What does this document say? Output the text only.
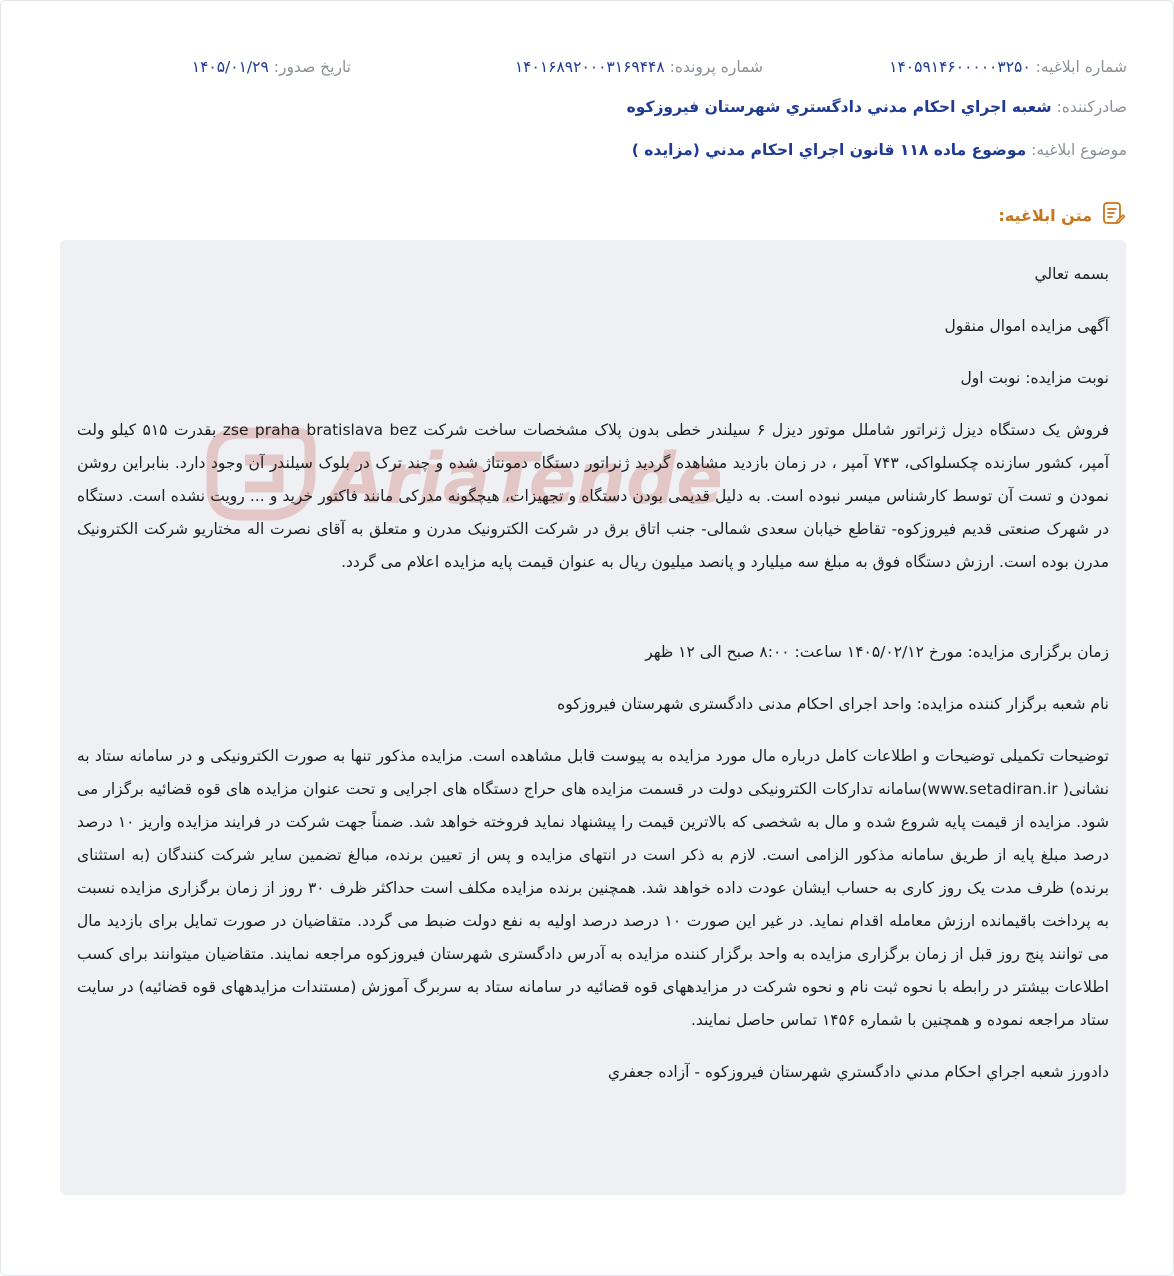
شماره ابلاغیه: ۱۴۰۵۹۱۴۶۰۰۰۰۰۳۲۵۰
شماره پرونده: ۱۴۰۱۶۸۹۲۰۰۰۳۱۶۹۴۴۸
تاریخ صدور: ۱۴۰۵/۰۱/۲۹
صادرکننده: شعبه اجراي احكام مدني دادگستري شهرستان فيروزكوه
موضوع ابلاغیه: موضوع ماده ۱۱۸ قانون اجراي احكام مدني (مزايده )
متن ابلاغیه:
AriaTende

بسمه تعالي

آگهی مزایده اموال منقول

نوبت مزایده: نوبت اول

فروش یک دستگاه دیزل ژنراتور شاملل موتور دیزل ۶ سیلندر خطی بدون پلاک مشخصات ساخت شرکت zse praha bratislava bez بقدرت ۵۱۵ کیلو ولت آمپر، کشور سازنده چکسلواکی، ۷۴۳ آمپر ، در زمان بازدید مشاهده گردید ژنراتور دستگاه دمونتاژ شده و چند ترک در بلوک سیلندر آن وجود دارد. بنابراین روشن نمودن و تست آن توسط کارشناس میسر نبوده است. به دلیل قدیمی بودن دستگاه و تجهیزات، هیچگونه مدرکی مانند فاکتور خرید و ... رویت نشده است. دستگاه در شهرک صنعتی قدیم فیروزکوه- تقاطع خیابان سعدی شمالی- جنب اتاق برق در شرکت الکترونیک مدرن و متعلق به آقای نصرت اله مختاریو شرکت الکترونیک مدرن بوده است. ارزش دستگاه فوق به مبلغ سه میلیارد و پانصد میلیون ریال به عنوان قیمت پایه مزایده اعلام می گردد.

زمان برگزاری مزایده: مورخ ۱۴۰۵/۰۲/۱۲ ساعت: ۸:۰۰ صبح الی ۱۲ ظهر

نام شعبه برگزار کننده مزایده: واحد اجرای احکام مدنی دادگستری شهرستان فیروزکوه

توضیحات تکمیلی توضیحات و اطلاعات کامل درباره مال مورد مزایده به پیوست قابل مشاهده است. مزایده مذکور تنها به صورت الکترونیکی و در سامانه ستاد به نشانی( www.setadiran.ir)سامانه تدارکات الکترونیکی دولت در قسمت مزایده های حراج دستگاه های اجرایی و تحت عنوان مزایده های قوه قضائیه برگزار می شود. مزایده از قیمت پایه شروع شده و مال به شخصی که بالاترین قیمت را پیشنهاد نماید فروخته خواهد شد. ضمناً جهت شرکت در فرایند مزایده واریز ۱۰ درصد درصد مبلغ پایه از طریق سامانه مذکور الزامی است. لازم به ذکر است در انتهای مزایده و پس از تعیین برنده، مبالغ تضمین سایر شرکت کنندگان (به استثنای برنده) ظرف مدت یک روز کاری به حساب ایشان عودت داده خواهد شد. همچنین برنده مزایده مکلف است حداکثر ظرف ۳۰ روز از زمان برگزاری مزایده نسبت به پرداخت باقیمانده ارزش معامله اقدام نماید. در غیر این صورت ۱۰ درصد درصد اولیه به نفع دولت ضبط می گردد. متقاضیان در صورت تمایل برای بازدید مال می توانند پنج روز قبل از زمان برگزاری مزایده به واحد برگزار کننده مزایده به آدرس دادگستری شهرستان فیروزکوه مراجعه نمایند. متقاضیان میتوانند برای کسب اطلاعات بیشتر در رابطه با نحوه ثبت نام و نحوه شرکت در مزایدههای قوه قضائیه در سامانه ستاد به سربرگ آموزش (مستندات مزایدههای قوه قضائیه) در سایت ستاد مراجعه نموده و همچنین با شماره ۱۴۵۶ تماس حاصل نمایند.

دادورز شعبه اجراي احكام مدني دادگستري شهرستان فيروزكوه - آزاده جعفري
